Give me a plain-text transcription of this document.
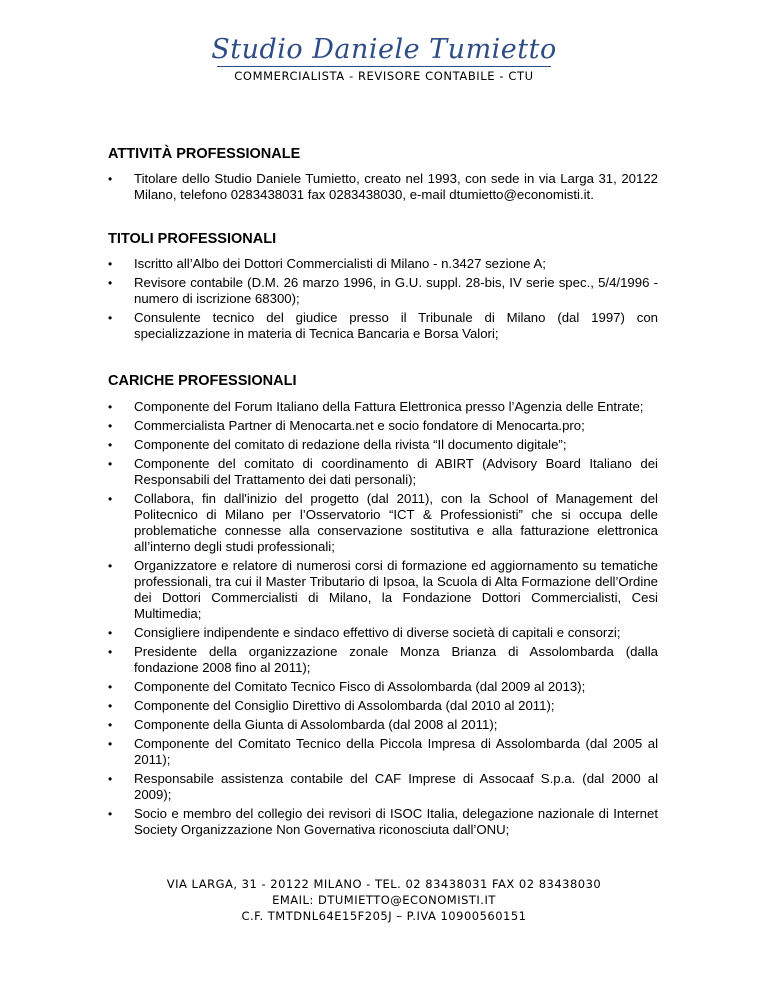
Studio Daniele Tumietto
COMMERCIALISTA - REVISORE CONTABILE - CTU
ATTIVITÀ PROFESSIONALE
• Titolare dello Studio Daniele Tumietto, creato nel 1993, con sede in via Larga 31, 20122 Milano, telefono 0283438031 fax 0283438030, e-mail dtumietto@economisti.it.
TITOLI PROFESSIONALI
• Iscritto all’Albo dei Dottori Commercialisti di Milano - n.3427 sezione A;
• Revisore contabile (D.M. 26 marzo 1996, in G.U. suppl. 28-bis, IV serie spec., 5/4/1996 - numero di iscrizione 68300);
• Consulente tecnico del giudice presso il Tribunale di Milano (dal 1997) con specializzazione in materia di Tecnica Bancaria e Borsa Valori;
CARICHE PROFESSIONALI
• Componente del Forum Italiano della Fattura Elettronica presso l’Agenzia delle Entrate;
• Commercialista Partner di Menocarta.net e socio fondatore di Menocarta.pro;
• Componente del comitato di redazione della rivista “Il documento digitale”;
• Componente del comitato di coordinamento di ABIRT (Advisory Board Italiano dei Responsabili del Trattamento dei dati personali);
• Collabora, fin dall'inizio del progetto (dal 2011), con la School of Management del Politecnico di Milano per l’Osservatorio “ICT & Professionisti” che si occupa delle problematiche connesse alla conservazione sostitutiva e alla fatturazione elettronica all’interno degli studi professionali;
• Organizzatore e relatore di numerosi corsi di formazione ed aggiornamento su tematiche professionali, tra cui il Master Tributario di Ipsoa, la Scuola di Alta Formazione dell’Ordine dei Dottori Commercialisti di Milano, la Fondazione Dottori Commercialisti, Cesi Multimedia;
• Consigliere indipendente e sindaco effettivo di diverse società di capitali e consorzi;
• Presidente della organizzazione zonale Monza Brianza di Assolombarda (dalla fondazione 2008 fino al 2011);
• Componente del Comitato Tecnico Fisco di Assolombarda (dal 2009 al 2013);
• Componente del Consiglio Direttivo di Assolombarda (dal 2010 al 2011);
• Componente della Giunta di Assolombarda (dal 2008 al 2011);
• Componente del Comitato Tecnico della Piccola Impresa di Assolombarda (dal 2005 al 2011);
• Responsabile assistenza contabile del CAF Imprese di Assocaaf S.p.a. (dal 2000 al 2009);
• Socio e membro del collegio dei revisori di ISOC Italia, delegazione nazionale di Internet Society Organizzazione Non Governativa riconosciuta dall’ONU;
VIA LARGA, 31 - 20122 MILANO - TEL. 02 83438031 FAX 02 83438030
EMAIL: DTUMIETTO@ECONOMISTI.IT
C.F. TMTDNL64E15F205J – P.IVA 10900560151
